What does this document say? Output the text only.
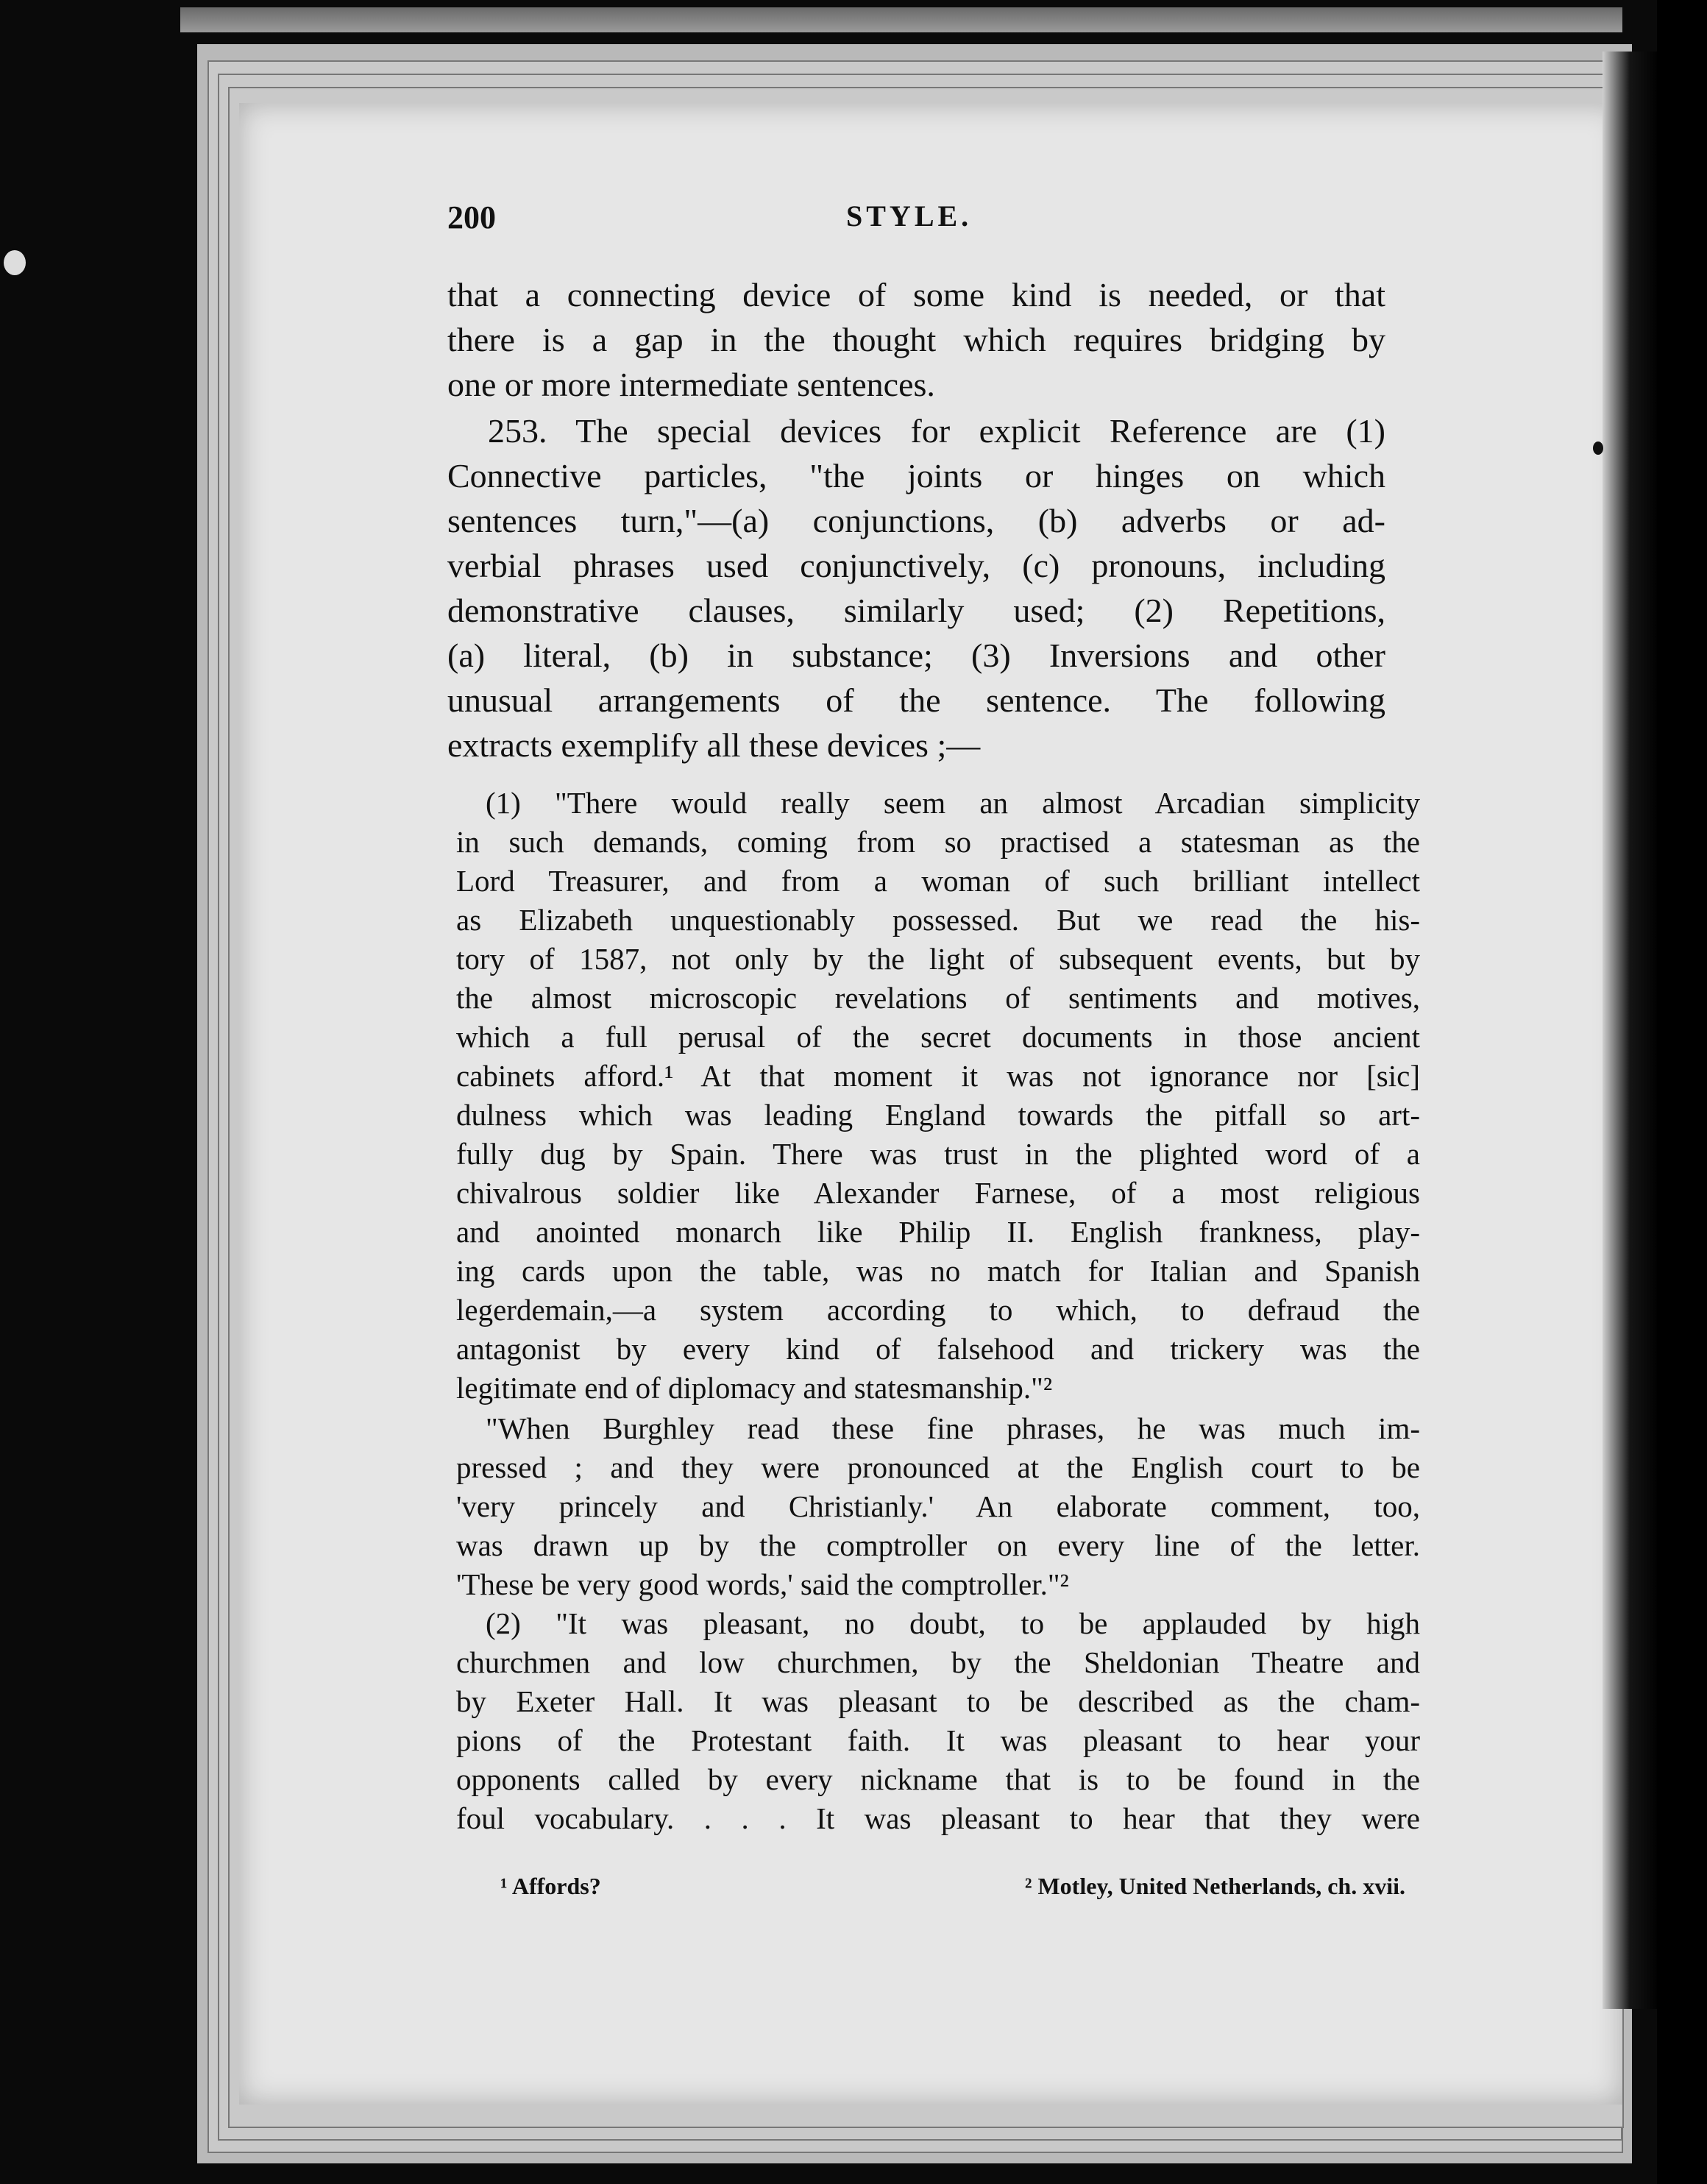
200	STYLE.
that a connecting device of some kind is needed, or that
there is a gap in the thought which requires bridging by
one or more intermediate sentences.
253. The special devices for explicit Reference are (1)
Connective particles, "the joints or hinges on which
sentences turn,"—(a) conjunctions, (b) adverbs or ad-
verbial phrases used conjunctively, (c) pronouns, including
demonstrative clauses, similarly used; (2) Repetitions,
(a) literal, (b) in substance; (3) Inversions and other
unusual arrangements of the sentence. The following
extracts exemplify all these devices ;—
(1) "There would really seem an almost Arcadian simplicity
in such demands, coming from so practised a statesman as the
Lord Treasurer, and from a woman of such brilliant intellect
as Elizabeth unquestionably possessed. But we read the his-
tory of 1587, not only by the light of subsequent events, but by
the almost microscopic revelations of sentiments and motives,
which a full perusal of the secret documents in those ancient
cabinets afford.¹ At that moment it was not ignorance nor [sic]
dulness which was leading England towards the pitfall so art-
fully dug by Spain. There was trust in the plighted word of a
chivalrous soldier like Alexander Farnese, of a most religious
and anointed monarch like Philip II. English frankness, play-
ing cards upon the table, was no match for Italian and Spanish
legerdemain,—a system according to which, to defraud the
antagonist by every kind of falsehood and trickery was the
legitimate end of diplomacy and statesmanship."²
"When Burghley read these fine phrases, he was much im-
pressed ; and they were pronounced at the English court to be
'very princely and Christianly.' An elaborate comment, too,
was drawn up by the comptroller on every line of the letter.
'These be very good words,' said the comptroller."²
(2) "It was pleasant, no doubt, to be applauded by high
churchmen and low churchmen, by the Sheldonian Theatre and
by Exeter Hall. It was pleasant to be described as the cham-
pions of the Protestant faith. It was pleasant to hear your
opponents called by every nickname that is to be found in the
foul vocabulary. . . . It was pleasant to hear that they were
¹ Affords?	² Motley, United Netherlands, ch. xvii.
